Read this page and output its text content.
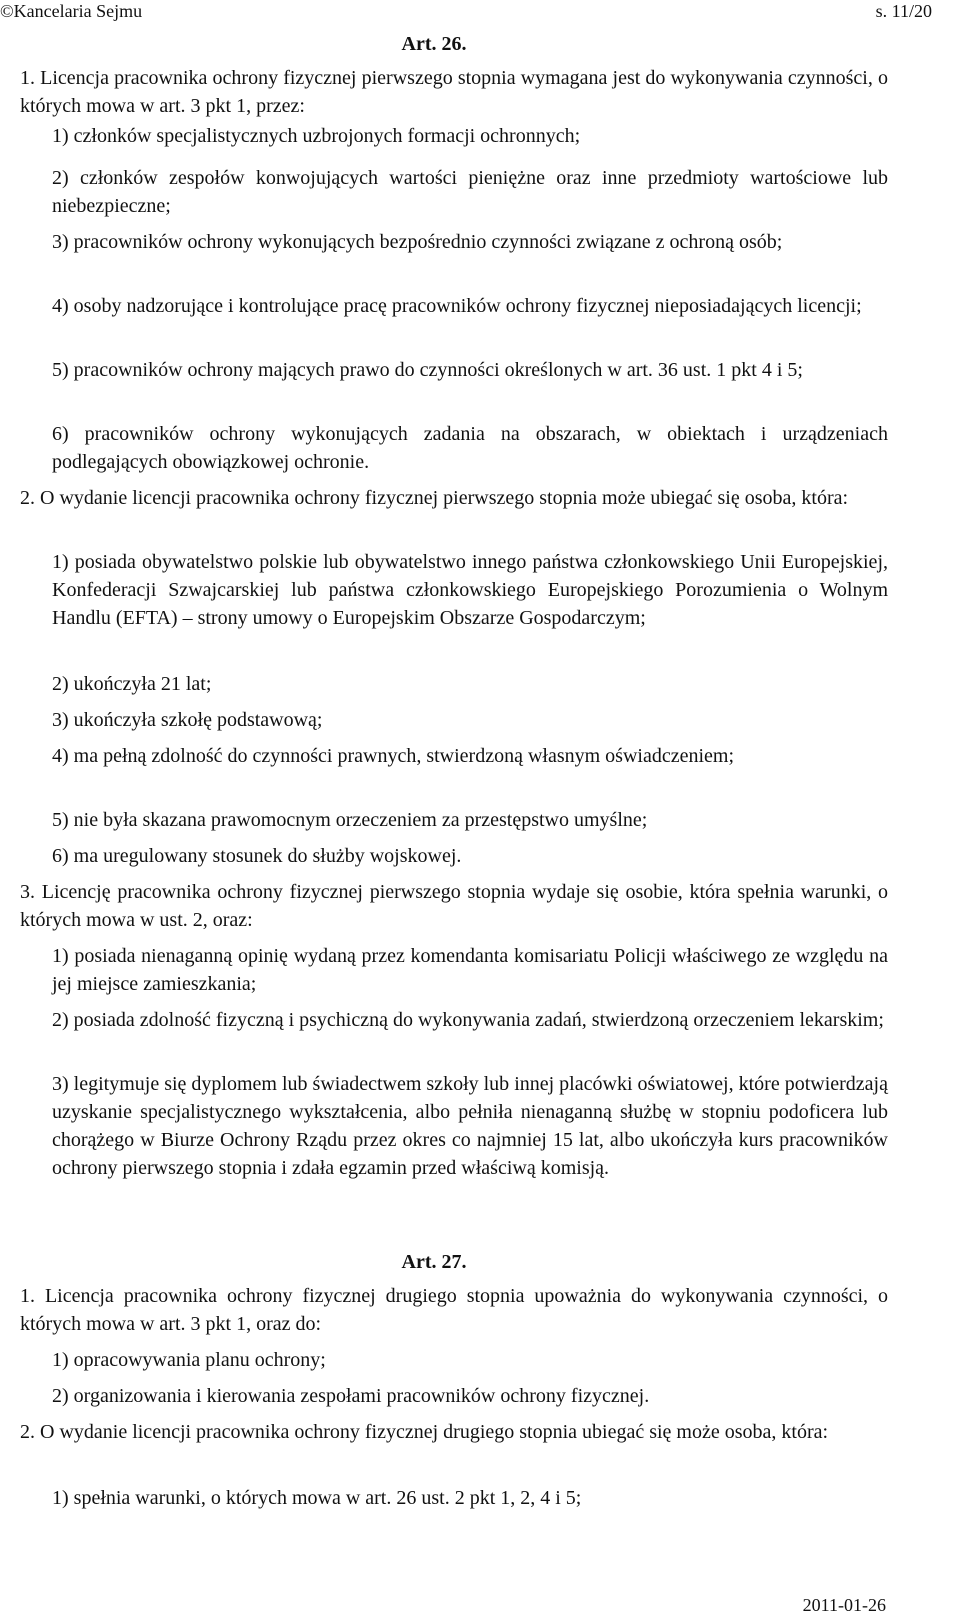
©Kancelaria Sejmu	s. 11/20
Art. 26.

1. Licencja pracownika ochrony fizycznej pierwszego stopnia wymagana jest do wykonywania czynności, o których mowa w art. 3 pkt 1, przez:

1) członków specjalistycznych uzbrojonych formacji ochronnych;

2) członków zespołów konwojujących wartości pieniężne oraz inne przedmioty wartościowe lub niebezpieczne;

3) pracowników ochrony wykonujących bezpośrednio czynności związane z ochroną osób;

4) osoby nadzorujące i kontrolujące pracę pracowników ochrony fizycznej nieposiadających licencji;

5) pracowników ochrony mających prawo do czynności określonych w art. 36 ust. 1 pkt 4 i 5;

6) pracowników ochrony wykonujących zadania na obszarach, w obiektach i urządzeniach podlegających obowiązkowej ochronie.

2. O wydanie licencji pracownika ochrony fizycznej pierwszego stopnia może ubiegać się osoba, która:

1) posiada obywatelstwo polskie lub obywatelstwo innego państwa członkowskiego Unii Europejskiej, Konfederacji Szwajcarskiej lub państwa członkowskiego Europejskiego Porozumienia o Wolnym Handlu (EFTA) – strony umowy o Europejskim Obszarze Gospodarczym;

2) ukończyła 21 lat;

3) ukończyła szkołę podstawową;

4) ma pełną zdolność do czynności prawnych, stwierdzoną własnym oświadczeniem;

5) nie była skazana prawomocnym orzeczeniem za przestępstwo umyślne;

6) ma uregulowany stosunek do służby wojskowej.

3. Licencję pracownika ochrony fizycznej pierwszego stopnia wydaje się osobie, która spełnia warunki, o których mowa w ust. 2, oraz:

1) posiada nienaganną opinię wydaną przez komendanta komisariatu Policji właściwego ze względu na jej miejsce zamieszkania;

2) posiada zdolność fizyczną i psychiczną do wykonywania zadań, stwierdzoną orzeczeniem lekarskim;

3) legitymuje się dyplomem lub świadectwem szkoły lub innej placówki oświatowej, które potwierdzają uzyskanie specjalistycznego wykształcenia, albo pełniła nienaganną służbę w stopniu podoficera lub chorążego w Biurze Ochrony Rządu przez okres co najmniej 15 lat, albo ukończyła kurs pracowników ochrony pierwszego stopnia i zdała egzamin przed właściwą komisją.

Art. 27.

1. Licencja pracownika ochrony fizycznej drugiego stopnia upoważnia do wykonywania czynności, o których mowa w art. 3 pkt 1, oraz do:

1) opracowywania planu ochrony;

2) organizowania i kierowania zespołami pracowników ochrony fizycznej.

2. O wydanie licencji pracownika ochrony fizycznej drugiego stopnia ubiegać się może osoba, która:

1) spełnia warunki, o których mowa w art. 26 ust. 2 pkt 1, 2, 4 i 5;

2011-01-26
